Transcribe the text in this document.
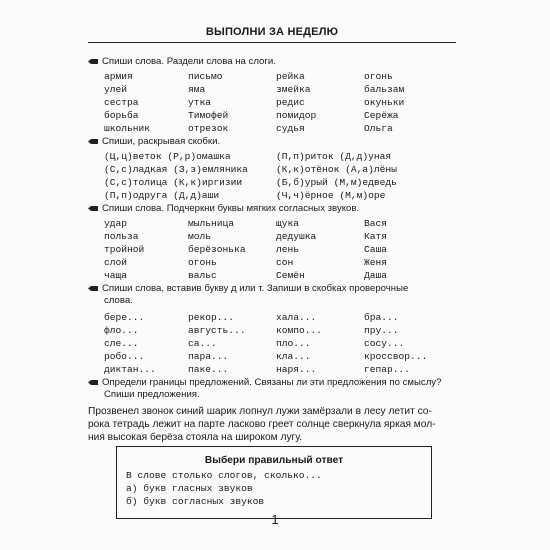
ВЫПОЛНИ ЗА НЕДЕЛЮ
Спиши слова. Раздели слова на слоги.
армия	письмо	рейка	огонь
улей	яма	змейка	бальзам
сестра	утка	редис	окуньки
борьба	Тимофей	помидор	Серёжа
школьник	отрезок	судья	Ольга
Спиши, раскрывая скобки.
(Ц,ц)веток (Р,р)омашка	(П,п)риток (Д,д)уная
(С,с)ладкая (З,з)емляника	(К,к)отёнок (А,а)лёны
(С,с)толица (К,к)иргизии	(Б,б)урый (М,м)едведь
(П,п)одруга (Д,д)аши	(Ч,ч)ёрное (М,м)оре
Спиши слова. Подчеркни буквы мягких согласных звуков.
удар	мыльница	щука	Вася
польза	моль	дедушка	Катя
тройной	берёзонька	лень	Саша
слой	огонь	сон	Женя
чаща	вальс	Семён	Даша
Спиши слова, вставив букву д или т. Запиши в скобках проверочные
слова.
бере...	рекор...	хала...	бра...
фло...	августь...	компо...	пру...
сле...	са...	пло...	сосу...
робо...	пара...	кла...	кроссвор...
диктан...	паке...	наря...	гепар...
Определи границы предложений. Связаны ли эти предложения по смыслу?
Спиши предложения.
Прозвенел звонок синий шарик лопнул лужи замёрзали в лесу летит со-
рока тетрадь лежит на парте ласково греет солнце сверкнула яркая мол-
ния высокая берёза стояла на широком лугу.
Выбери правильный ответ
В слове столько слогов, сколько...
а) букв гласных звуков
б) букв согласных звуков
1
